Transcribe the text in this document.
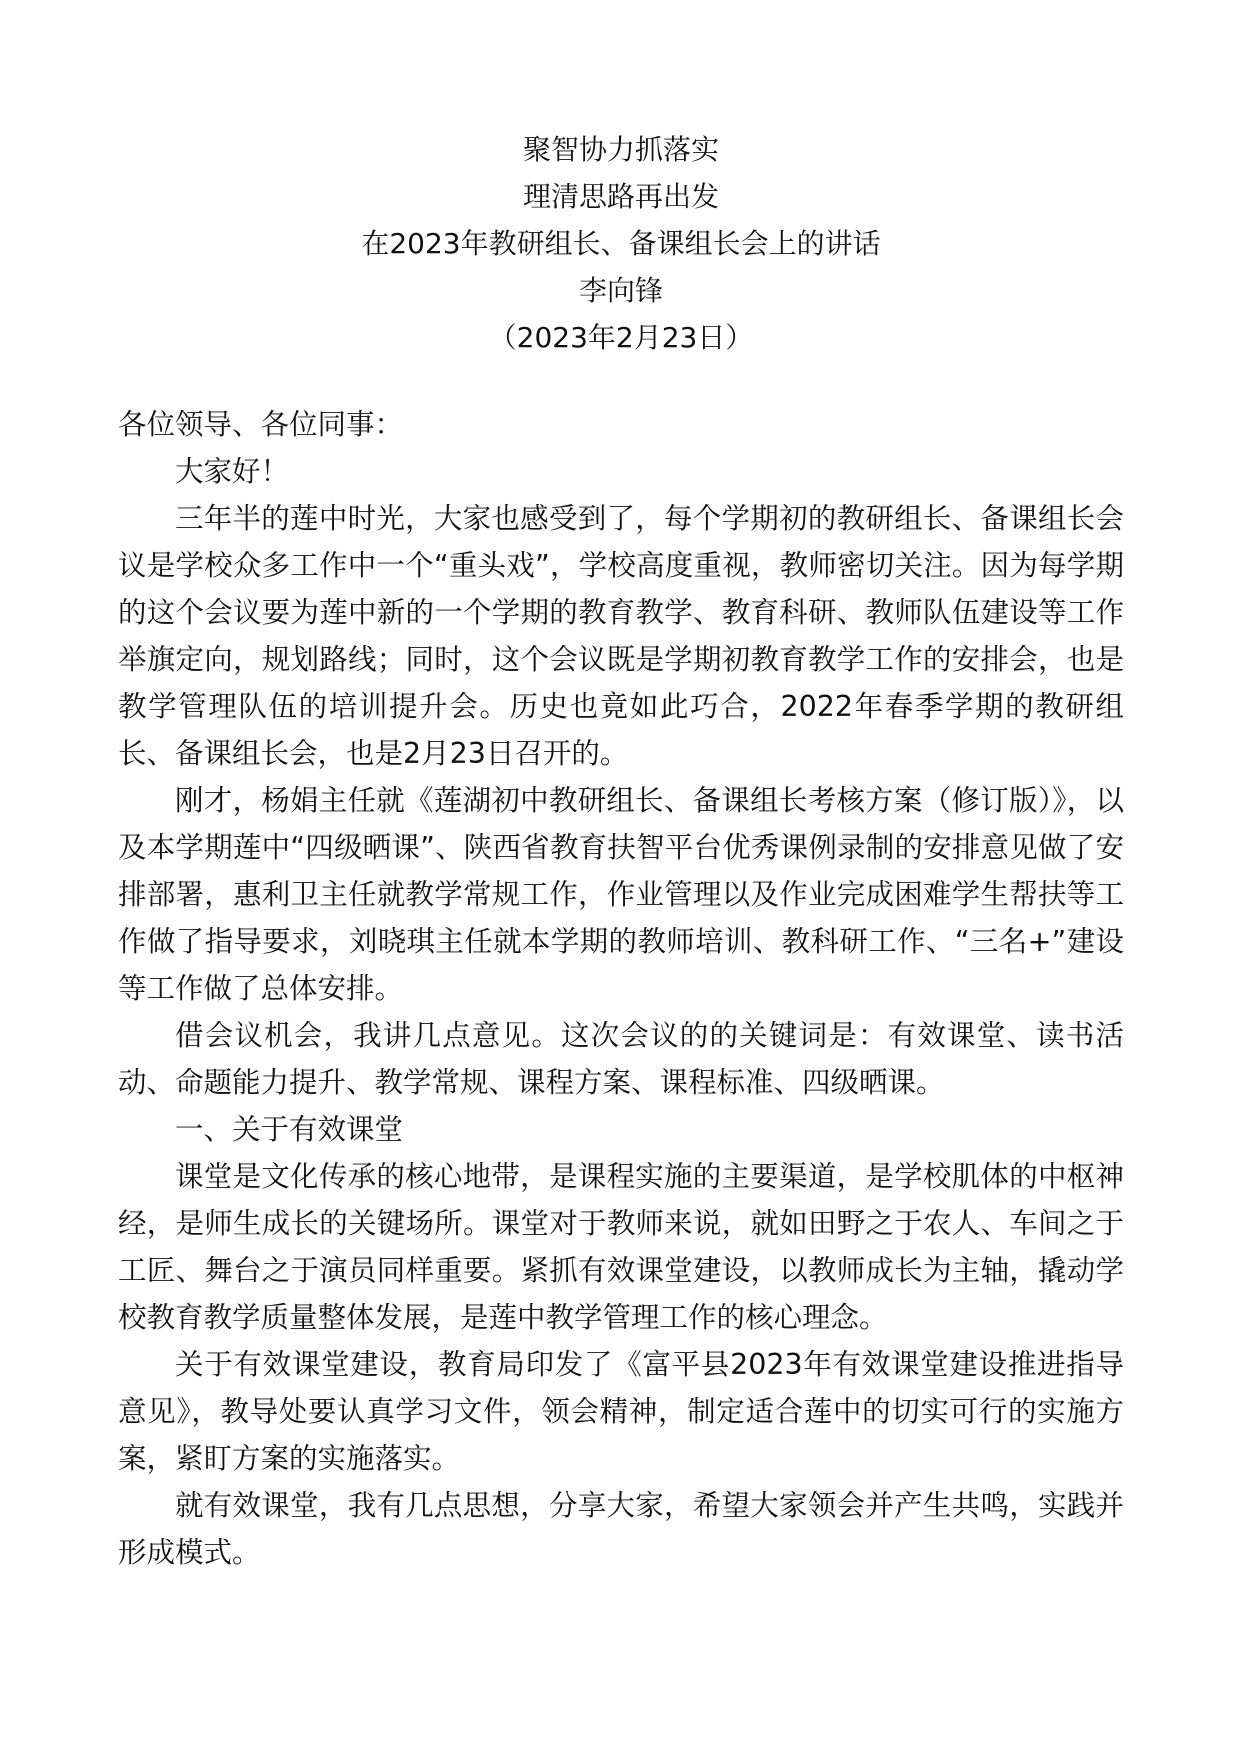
聚智协力抓落实
理清思路再出发
在2023年教研组长、备课组长会上的讲话
李向锋
（2023年2月23日）

各位领导、各位同事：

大家好！

三年半的莲中时光，大家也感受到了，每个学期初的教研组长、备课组长会议是学校众多工作中一个“重头戏”，学校高度重视，教师密切关注。因为每学期的这个会议要为莲中新的一个学期的教育教学、教育科研、教师队伍建设等工作举旗定向，规划路线；同时，这个会议既是学期初教育教学工作的安排会，也是教学管理队伍的培训提升会。历史也竟如此巧合，2022年春季学期的教研组长、备课组长会，也是2月23日召开的。

刚才，杨娟主任就《莲湖初中教研组长、备课组长考核方案（修订版）》，以及本学期莲中“四级晒课”、陕西省教育扶智平台优秀课例录制的安排意见做了安排部署，惠利卫主任就教学常规工作，作业管理以及作业完成困难学生帮扶等工作做了指导要求，刘晓琪主任就本学期的教师培训、教科研工作、“三名+”建设等工作做了总体安排。

借会议机会，我讲几点意见。这次会议的的关键词是：有效课堂、读书活动、命题能力提升、教学常规、课程方案、课程标准、四级晒课。

一、关于有效课堂

课堂是文化传承的核心地带，是课程实施的主要渠道，是学校肌体的中枢神经，是师生成长的关键场所。课堂对于教师来说，就如田野之于农人、车间之于工匠、舞台之于演员同样重要。紧抓有效课堂建设，以教师成长为主轴，撬动学校教育教学质量整体发展，是莲中教学管理工作的核心理念。

关于有效课堂建设，教育局印发了《富平县2023年有效课堂建设推进指导意见》，教导处要认真学习文件，领会精神，制定适合莲中的切实可行的实施方案，紧盯方案的实施落实。

就有效课堂，我有几点思想，分享大家，希望大家领会并产生共鸣，实践并形成模式。
